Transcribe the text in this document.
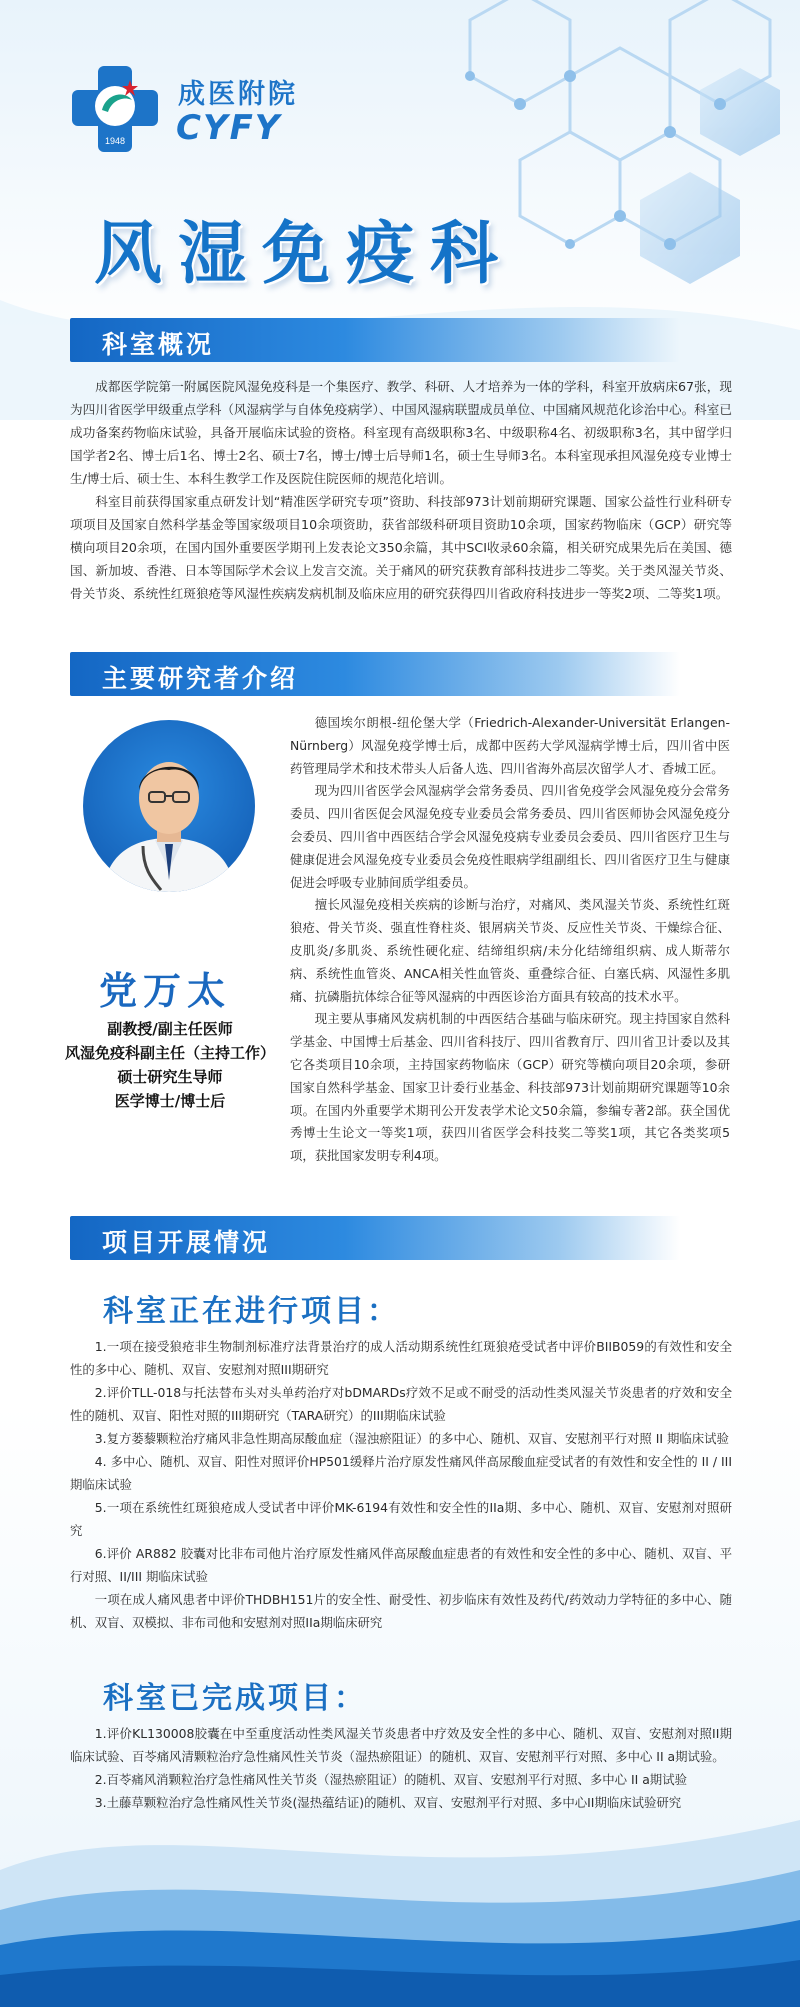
1948
成医附院
CYFY
风湿免疫科
科室概况

成都医学院第一附属医院风湿免疫科是一个集医疗、教学、科研、人才培养为一体的学科，科室开放病床67张，现为四川省医学甲级重点学科（风湿病学与自体免疫病学）、中国风湿病联盟成员单位、中国痛风规范化诊治中心。科室已成功备案药物临床试验，具备开展临床试验的资格。科室现有高级职称3名、中级职称4名、初级职称3名，其中留学归国学者2名、博士后1名、博士2名、硕士7名，博士/博士后导师1名，硕士生导师3名。本科室现承担风湿免疫专业博士生/博士后、硕士生、本科生教学工作及医院住院医师的规范化培训。

科室目前获得国家重点研发计划“精准医学研究专项”资助、科技部973计划前期研究课题、国家公益性行业科研专项项目及国家自然科学基金等国家级项目10余项资助，获省部级科研项目资助10余项，国家药物临床（GCP）研究等横向项目20余项，在国内国外重要医学期刊上发表论文350余篇，其中SCI收录60余篇，相关研究成果先后在美国、德国、新加坡、香港、日本等国际学术会议上发言交流。关于痛风的研究获教育部科技进步二等奖。关于类风湿关节炎、骨关节炎、系统性红斑狼疮等风湿性疾病发病机制及临床应用的研究获得四川省政府科技进步一等奖2项、二等奖1项。

主要研究者介绍
党万太
副教授/副主任医师
风湿免疫科副主任（主持工作）
硕士研究生导师
医学博士/博士后

德国埃尔朗根-纽伦堡大学（Friedrich-Alexander-Universität Erlangen-Nürnberg）风湿免疫学博士后，成都中医药大学风湿病学博士后，四川省中医药管理局学术和技术带头人后备人选、四川省海外高层次留学人才、香城工匠。

现为四川省医学会风湿病学会常务委员、四川省免疫学会风湿免疫分会常务委员、四川省医促会风湿免疫专业委员会常务委员、四川省医师协会风湿免疫分会委员、四川省中西医结合学会风湿免疫病专业委员会委员、四川省医疗卫生与健康促进会风湿免疫专业委员会免疫性眼病学组副组长、四川省医疗卫生与健康促进会呼吸专业肺间质学组委员。

擅长风湿免疫相关疾病的诊断与治疗，对痛风、类风湿关节炎、系统性红斑狼疮、骨关节炎、强直性脊柱炎、银屑病关节炎、反应性关节炎、干燥综合征、皮肌炎/多肌炎、系统性硬化症、结缔组织病/未分化结缔组织病、成人斯蒂尔病、系统性血管炎、ANCA相关性血管炎、重叠综合征、白塞氏病、风湿性多肌痛、抗磷脂抗体综合征等风湿病的中西医诊治方面具有较高的技术水平。

现主要从事痛风发病机制的中西医结合基础与临床研究。现主持国家自然科学基金、中国博士后基金、四川省科技厅、四川省教育厅、四川省卫计委以及其它各类项目10余项，主持国家药物临床（GCP）研究等横向项目20余项，参研国家自然科学基金、国家卫计委行业基金、科技部973计划前期研究课题等10余项。在国内外重要学术期刊公开发表学术论文50余篇，参编专著2部。获全国优秀博士生论文一等奖1项，获四川省医学会科技奖二等奖1项，其它各类奖项5项，获批国家发明专利4项。

项目开展情况
科室正在进行项目：

1.一项在接受狼疮非生物制剂标准疗法背景治疗的成人活动期系统性红斑狼疮受试者中评价BIIB059的有效性和安全性的多中心、随机、双盲、安慰剂对照III期研究

2.评价TLL-018与托法替布头对头单药治疗对bDMARDs疗效不足或不耐受的活动性类风湿关节炎患者的疗效和安全性的随机、双盲、阳性对照的III期研究（TARA研究）的III期临床试验

3.复方蒌藜颗粒治疗痛风非急性期高尿酸血症（湿浊瘀阻证）的多中心、随机、双盲、安慰剂平行对照 II 期临床试验

4. 多中心、随机、双盲、阳性对照评价HP501缓释片治疗原发性痛风伴高尿酸血症受试者的有效性和安全性的 II / III期临床试验

5.一项在系统性红斑狼疮成人受试者中评价MK-6194有效性和安全性的IIa期、多中心、随机、双盲、安慰剂对照研究

6.评价 AR882 胶囊对比非布司他片治疗原发性痛风伴高尿酸血症患者的有效性和安全性的多中心、随机、双盲、平行对照、II/III 期临床试验

一项在成人痛风患者中评价THDBH151片的安全性、耐受性、初步临床有效性及药代/药效动力学特征的多中心、随机、双盲、双模拟、非布司他和安慰剂对照IIa期临床研究

科室已完成项目：

1.评价KL130008胶囊在中至重度活动性类风湿关节炎患者中疗效及安全性的多中心、随机、双盲、安慰剂对照II期临床试验、百苓痛风清颗粒治疗急性痛风性关节炎（湿热瘀阻证）的随机、双盲、安慰剂平行对照、多中心 II a期试验。

2.百苓痛风消颗粒治疗急性痛风性关节炎（湿热瘀阻证）的随机、双盲、安慰剂平行对照、多中心 II a期试验

3.土藤草颗粒治疗急性痛风性关节炎(湿热蕴结证)的随机、双盲、安慰剂平行对照、多中心II期临床试验研究
